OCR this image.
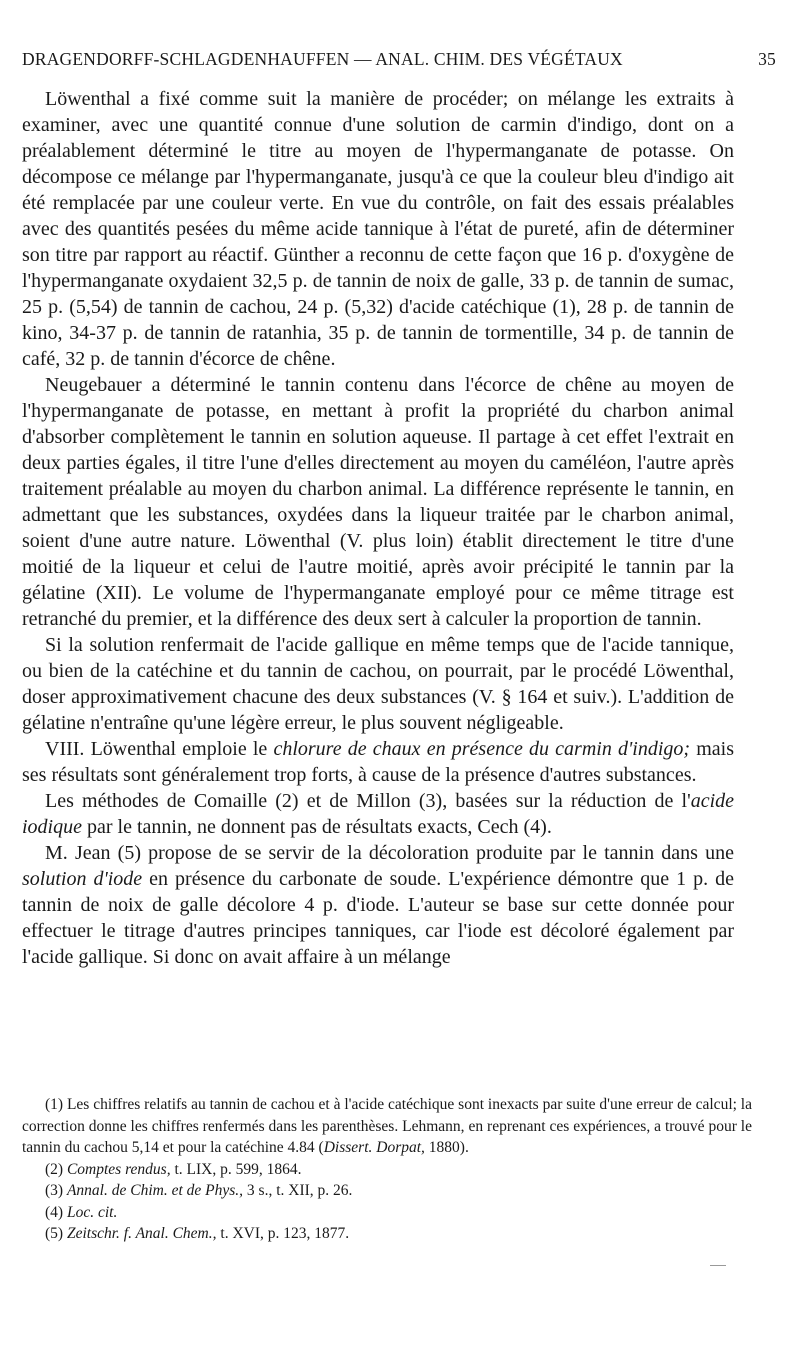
DRAGENDORFF-SCHLAGDENHAUFFEN — ANAL. CHIM. DES VÉGÉTAUX	35

Löwenthal a fixé comme suit la manière de procéder; on mélange les extraits à examiner, avec une quantité connue d'une solution de carmin d'indigo, dont on a préalablement déterminé le titre au moyen de l'hypermanganate de potasse. On décompose ce mélange par l'hypermanganate, jusqu'à ce que la couleur bleu d'indigo ait été remplacée par une couleur verte. En vue du contrôle, on fait des essais préalables avec des quantités pesées du même acide tannique à l'état de pureté, afin de déterminer son titre par rapport au réactif. Günther a reconnu de cette façon que 16 p. d'oxygène de l'hypermanganate oxydaient 32,5 p. de tannin de noix de galle, 33 p. de tannin de sumac, 25 p. (5,54) de tannin de cachou, 24 p. (5,32) d'acide catéchique (1), 28 p. de tannin de kino, 34-37 p. de tannin de ratanhia, 35 p. de tannin de tormentille, 34 p. de tannin de café, 32 p. de tannin d'écorce de chêne.

Neugebauer a déterminé le tannin contenu dans l'écorce de chêne au moyen de l'hypermanganate de potasse, en mettant à profit la propriété du charbon animal d'absorber complètement le tannin en solution aqueuse. Il partage à cet effet l'extrait en deux parties égales, il titre l'une d'elles directement au moyen du caméléon, l'autre après traitement préalable au moyen du charbon animal. La différence représente le tannin, en admettant que les substances, oxydées dans la liqueur traitée par le charbon animal, soient d'une autre nature. Löwenthal (V. plus loin) établit directement le titre d'une moitié de la liqueur et celui de l'autre moitié, après avoir précipité le tannin par la gélatine (XII). Le volume de l'hypermanganate employé pour ce même titrage est retranché du premier, et la différence des deux sert à calculer la proportion de tannin.

Si la solution renfermait de l'acide gallique en même temps que de l'acide tannique, ou bien de la catéchine et du tannin de cachou, on pourrait, par le procédé Löwenthal, doser approximativement chacune des deux substances (V. § 164 et suiv.). L'addition de gélatine n'entraîne qu'une légère erreur, le plus souvent négligeable.

VIII. Löwenthal emploie le chlorure de chaux en présence du carmin d'indigo; mais ses résultats sont généralement trop forts, à cause de la présence d'autres substances.

Les méthodes de Comaille (2) et de Millon (3), basées sur la réduction de l'acide iodique par le tannin, ne donnent pas de résultats exacts, Cech (4).

M. Jean (5) propose de se servir de la décoloration produite par le tannin dans une solution d'iode en présence du carbonate de soude. L'expérience démontre que 1 p. de tannin de noix de galle décolore 4 p. d'iode. L'auteur se base sur cette donnée pour effectuer le titrage d'autres principes tanniques, car l'iode est décoloré également par l'acide gallique. Si donc on avait affaire à un mélange

(1) Les chiffres relatifs au tannin de cachou et à l'acide catéchique sont inexacts par suite d'une erreur de calcul; la correction donne les chiffres renfermés dans les parenthèses. Lehmann, en reprenant ces expériences, a trouvé pour le tannin du cachou 5,14 et pour la catéchine 4.84 (Dissert. Dorpat, 1880).

(2) Comptes rendus, t. LIX, p. 599, 1864.

(3) Annal. de Chim. et de Phys., 3 s., t. XII, p. 26.

(4) Loc. cit.

(5) Zeitschr. f. Anal. Chem., t. XVI, p. 123, 1877.
